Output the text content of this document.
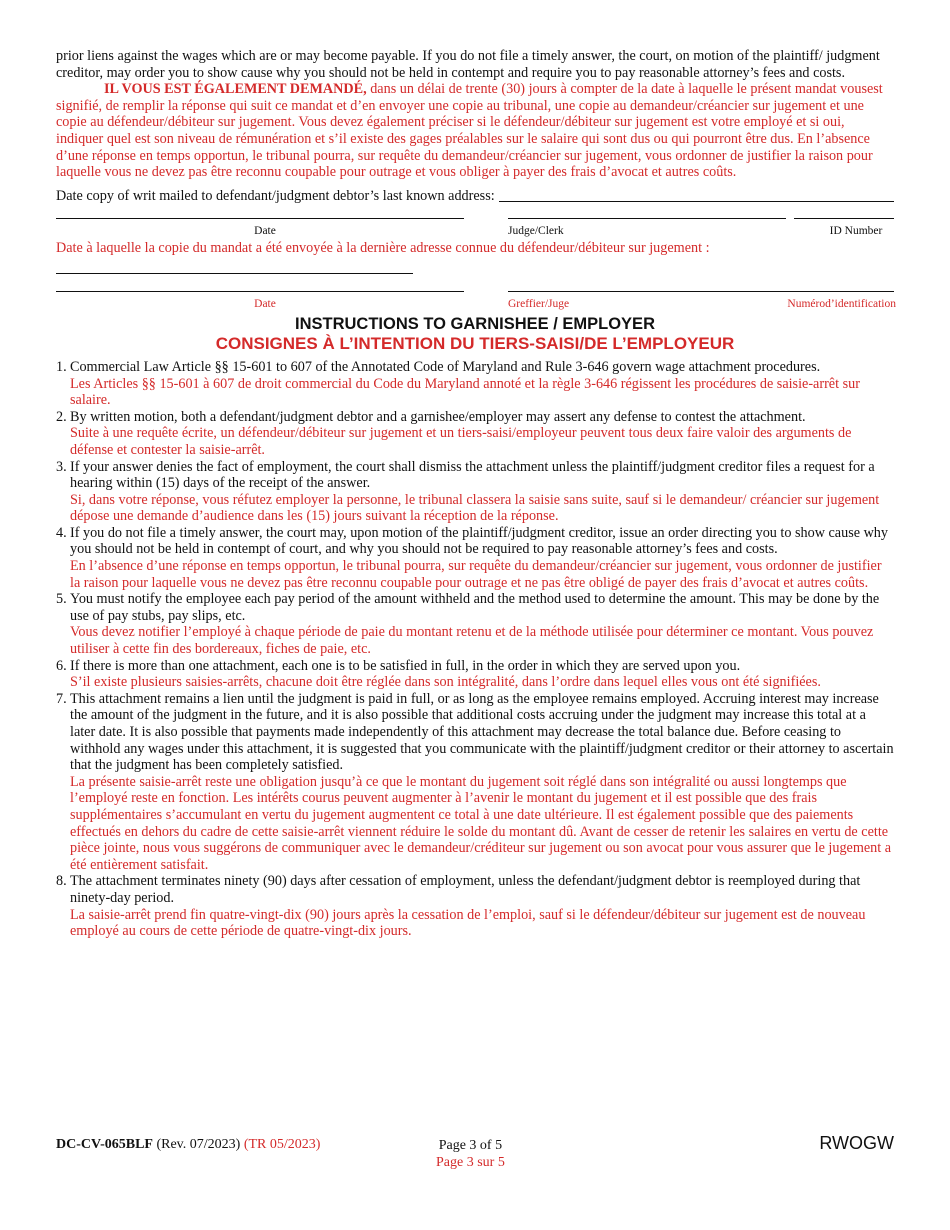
prior liens against the wages which are or may become payable. If you do not file a timely answer, the court, on motion of the plaintiff/ judgment creditor, may order you to show cause why you should not be held in contempt and require you to pay reasonable attorney’s fees and costs.

IL VOUS EST ÉGALEMENT DEMANDÉ, dans un délai de trente (30) jours à compter de la date à laquelle le présent mandat vousest signifié, de remplir la réponse qui suit ce mandat et d’en envoyer une copie au tribunal, une copie au demandeur/créancier sur jugement et une copie au défendeur/débiteur sur jugement. Vous devez également préciser si le défendeur/débiteur sur jugement est votre employé et si oui, indiquer quel est son niveau de rémunération et s’il existe des gages préalables sur le salaire qui sont dus ou qui pourront être dus. En l’absence d’une réponse en temps opportun, le tribunal pourra, sur requête du demandeur/créancier sur jugement, vous ordonner de justifier la raison pour laquelle vous ne devez pas être reconnu coupable pour outrage et vous obliger à payer des frais d’avocat et autres coûts.

Date copy of writ mailed to defendant/judgment debtor’s last known address:
Date	Judge/Clerk	ID Number

Date à laquelle la copie du mandat a été envoyée à la dernière adresse connue du défendeur/débiteur sur jugement :

Date	Greffier/Juge	Numérod’identification
INSTRUCTIONS TO GARNISHEE / EMPLOYER
CONSIGNES À L’INTENTION DU TIERS-SAISI/DE L’EMPLOYEUR
1. Commercial Law Article §§ 15-601 to 607 of the Annotated Code of Maryland and Rule 3-646 govern wage attachment procedures.

Les Articles §§ 15-601 à 607 de droit commercial du Code du Maryland annoté et la règle 3-646 régissent les procédures de saisie-arrêt sur salaire.

2. By written motion, both a defendant/judgment debtor and a garnishee/employer may assert any defense to contest the attachment.

Suite à une requête écrite, un défendeur/débiteur sur jugement et un tiers-saisi/employeur peuvent tous deux faire valoir des arguments de défense et contester la saisie-arrêt.

3. If your answer denies the fact of employment, the court shall dismiss the attachment unless the plaintiff/judgment creditor files a request for a hearing within (15) days of the receipt of the answer.

Si, dans votre réponse, vous réfutez employer la personne, le tribunal classera la saisie sans suite, sauf si le demandeur/ créancier sur jugement dépose une demande d’audience dans les (15) jours suivant la réception de la réponse.

4. If you do not file a timely answer, the court may, upon motion of the plaintiff/judgment creditor, issue an order directing you to show cause why you should not be held in contempt of court, and why you should not be required to pay reasonable attorney’s fees and costs.

En l’absence d’une réponse en temps opportun, le tribunal pourra, sur requête du demandeur/créancier sur jugement, vous ordonner de justifier la raison pour laquelle vous ne devez pas être reconnu coupable pour outrage et ne pas être obligé de payer des frais d’avocat et autres coûts.

5. You must notify the employee each pay period of the amount withheld and the method used to determine the amount. This may be done by the use of pay stubs, pay slips, etc.

Vous devez notifier l’employé à chaque période de paie du montant retenu et de la méthode utilisée pour déterminer ce montant. Vous pouvez utiliser à cette fin des bordereaux, fiches de paie, etc.

6. If there is more than one attachment, each one is to be satisfied in full, in the order in which they are served upon you.

S’il existe plusieurs saisies-arrêts, chacune doit être réglée dans son intégralité, dans l’ordre dans lequel elles vous ont été signifiées.

7. This attachment remains a lien until the judgment is paid in full, or as long as the employee remains employed. Accruing interest may increase the amount of the judgment in the future, and it is also possible that additional costs accruing under the judgment may increase this total at a later date. It is also possible that payments made independently of this attachment may decrease the total balance due. Before ceasing to withhold any wages under this attachment, it is suggested that you communicate with the plaintiff/judgment creditor or their attorney to ascertain that the judgment has been completely satisfied.

La présente saisie-arrêt reste une obligation jusqu’à ce que le montant du jugement soit réglé dans son intégralité ou aussi longtemps que l’employé reste en fonction. Les intérêts courus peuvent augmenter à l’avenir le montant du jugement et il est possible que des frais supplémentaires s’accumulant en vertu du jugement augmentent ce total à une date ultérieure. Il est également possible que des paiements effectués en dehors du cadre de cette saisie-arrêt viennent réduire le solde du montant dû. Avant de cesser de retenir les salaires en vertu de cette pièce jointe, nous vous suggérons de communiquer avec le demandeur/créditeur sur jugement ou son avocat pour vous assurer que le jugement a été entièrement satisfait.

8. The attachment terminates ninety (90) days after cessation of employment, unless the defendant/judgment debtor is reemployed during that ninety-day period.

La saisie-arrêt prend fin quatre-vingt-dix (90) jours après la cessation de l’emploi, sauf si le défendeur/débiteur sur jugement est de nouveau employé au cours de cette période de quatre-vingt-dix jours.

DC-CV-065BLF (Rev. 07/2023) (TR 05/2023)	Page 3 of 5
Page 3 sur 5
RWOGW
